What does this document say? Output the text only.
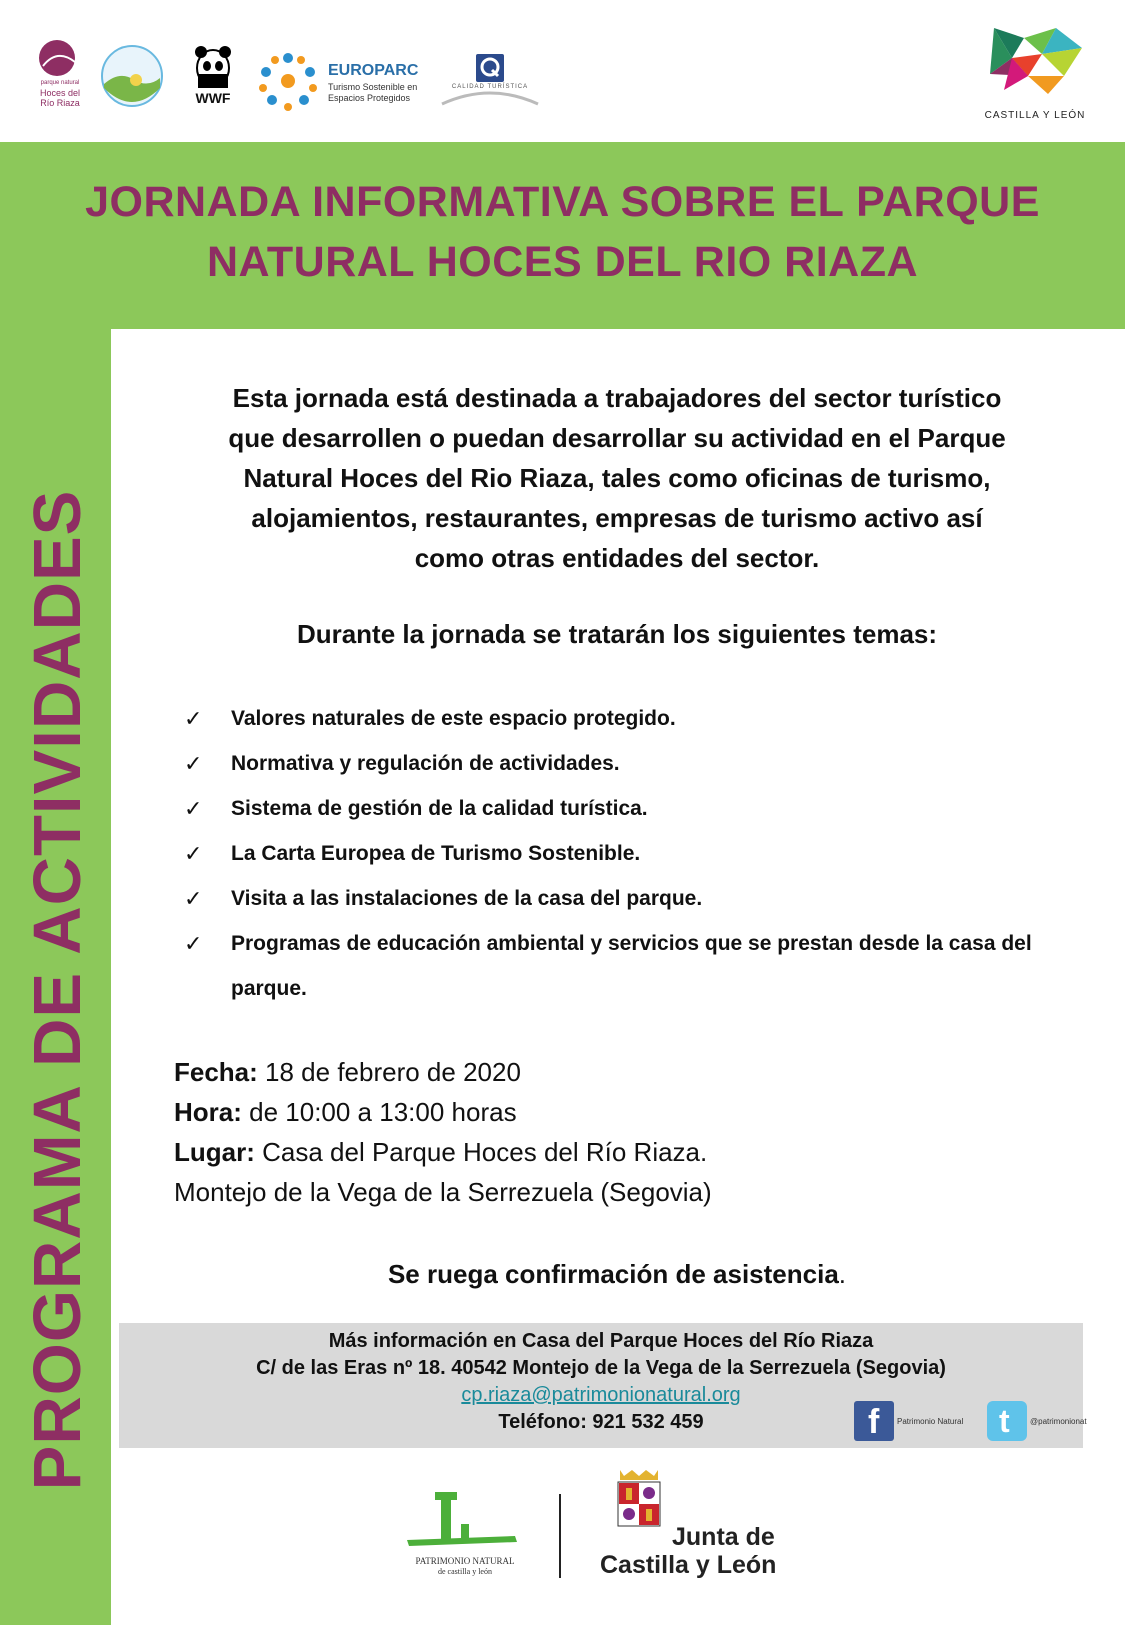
parque natural
Hoces del
Río Riaza	WWF
EUROPARC
Turismo Sostenible en
Espacios Protegidos
CALIDAD TURÍSTICA
CASTILLA Y LEÓN
JORNADA INFORMATIVA SOBRE EL PARQUE
NATURAL HOCES DEL RIO RIAZA
PROGRAMA DE ACTIVIDADES
Esta jornada está destinada a trabajadores del sector turístico
que desarrollen o puedan desarrollar su actividad en el Parque
Natural Hoces del Rio Riaza, tales como oficinas de turismo,
alojamientos, restaurantes, empresas de turismo activo así
como otras entidades del sector.
Durante la jornada se tratarán los siguientes temas:
✓ Valores naturales de este espacio protegido.
✓ Normativa y regulación de actividades.
✓ Sistema de gestión de la calidad turística.
✓ La Carta Europea de Turismo Sostenible.
✓ Visita a las instalaciones de la casa del parque.
✓ Programas de educación ambiental y servicios que se prestan desde la casa del parque.
Fecha: 18 de febrero de 2020
Hora: de 10:00 a 13:00 horas
Lugar: Casa del Parque Hoces del Río Riaza.
Montejo de la Vega de la Serrezuela (Segovia)
Se ruega confirmación de asistencia.
Más información en Casa del Parque Hoces del Río Riaza
C/ de las Eras nº 18. 40542 Montejo de la Vega de la Serrezuela (Segovia)
cp.riaza@patrimonionatural.org
Teléfono: 921 532 459	f Patrimonio Natural t	@patrimonionat
PATRIMONIO NATURAL
de castilla y león
Junta de
Castilla y León
